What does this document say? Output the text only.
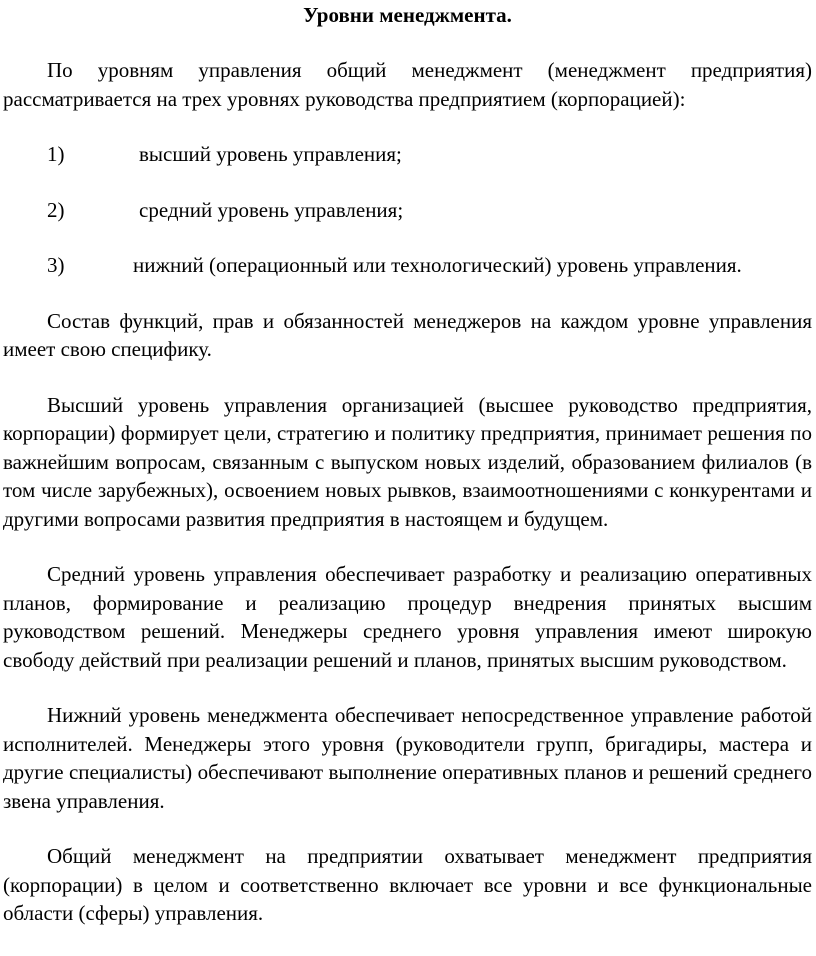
Уровни менеджмента.

По уровням управления общий менеджмент (менеджмент предприятия) рассматривается на трех уровнях руководства предприятием (корпорацией):

1)	высший уровень управления;
2)	средний уровень управления;
3)	нижний (операционный или технологический) уровень управления.

Состав функций, прав и обязанностей менеджеров на каждом уровне управления имеет свою специфику.

Высший уровень управления организацией (высшее руководство предприятия, корпорации) формирует цели, стратегию и политику предприятия, принимает решения по важнейшим вопросам, связанным с выпуском новых изделий, образованием филиалов (в том числе зарубежных), освоением новых рывков, взаимоотношениями с конкурентами и другими вопросами развития предприятия в настоящем и будущем.

Средний уровень управления обеспечивает разработку и реализацию оперативных планов, формирование и реализацию процедур внедрения принятых высшим руководством решений. Менеджеры среднего уровня управления имеют широкую свободу действий при реализации решений и планов, принятых высшим руководством.

Нижний уровень менеджмента обеспечивает непосредственное управление работой исполнителей. Менеджеры этого уровня (руководители групп, бригадиры, мастера и другие специалисты) обеспечивают выполнение оперативных планов и решений среднего звена управления.

Общий менеджмент на предприятии охватывает менеджмент предприятия (корпорации) в целом и соответственно включает все уровни и все функциональные области (сферы) управления.
